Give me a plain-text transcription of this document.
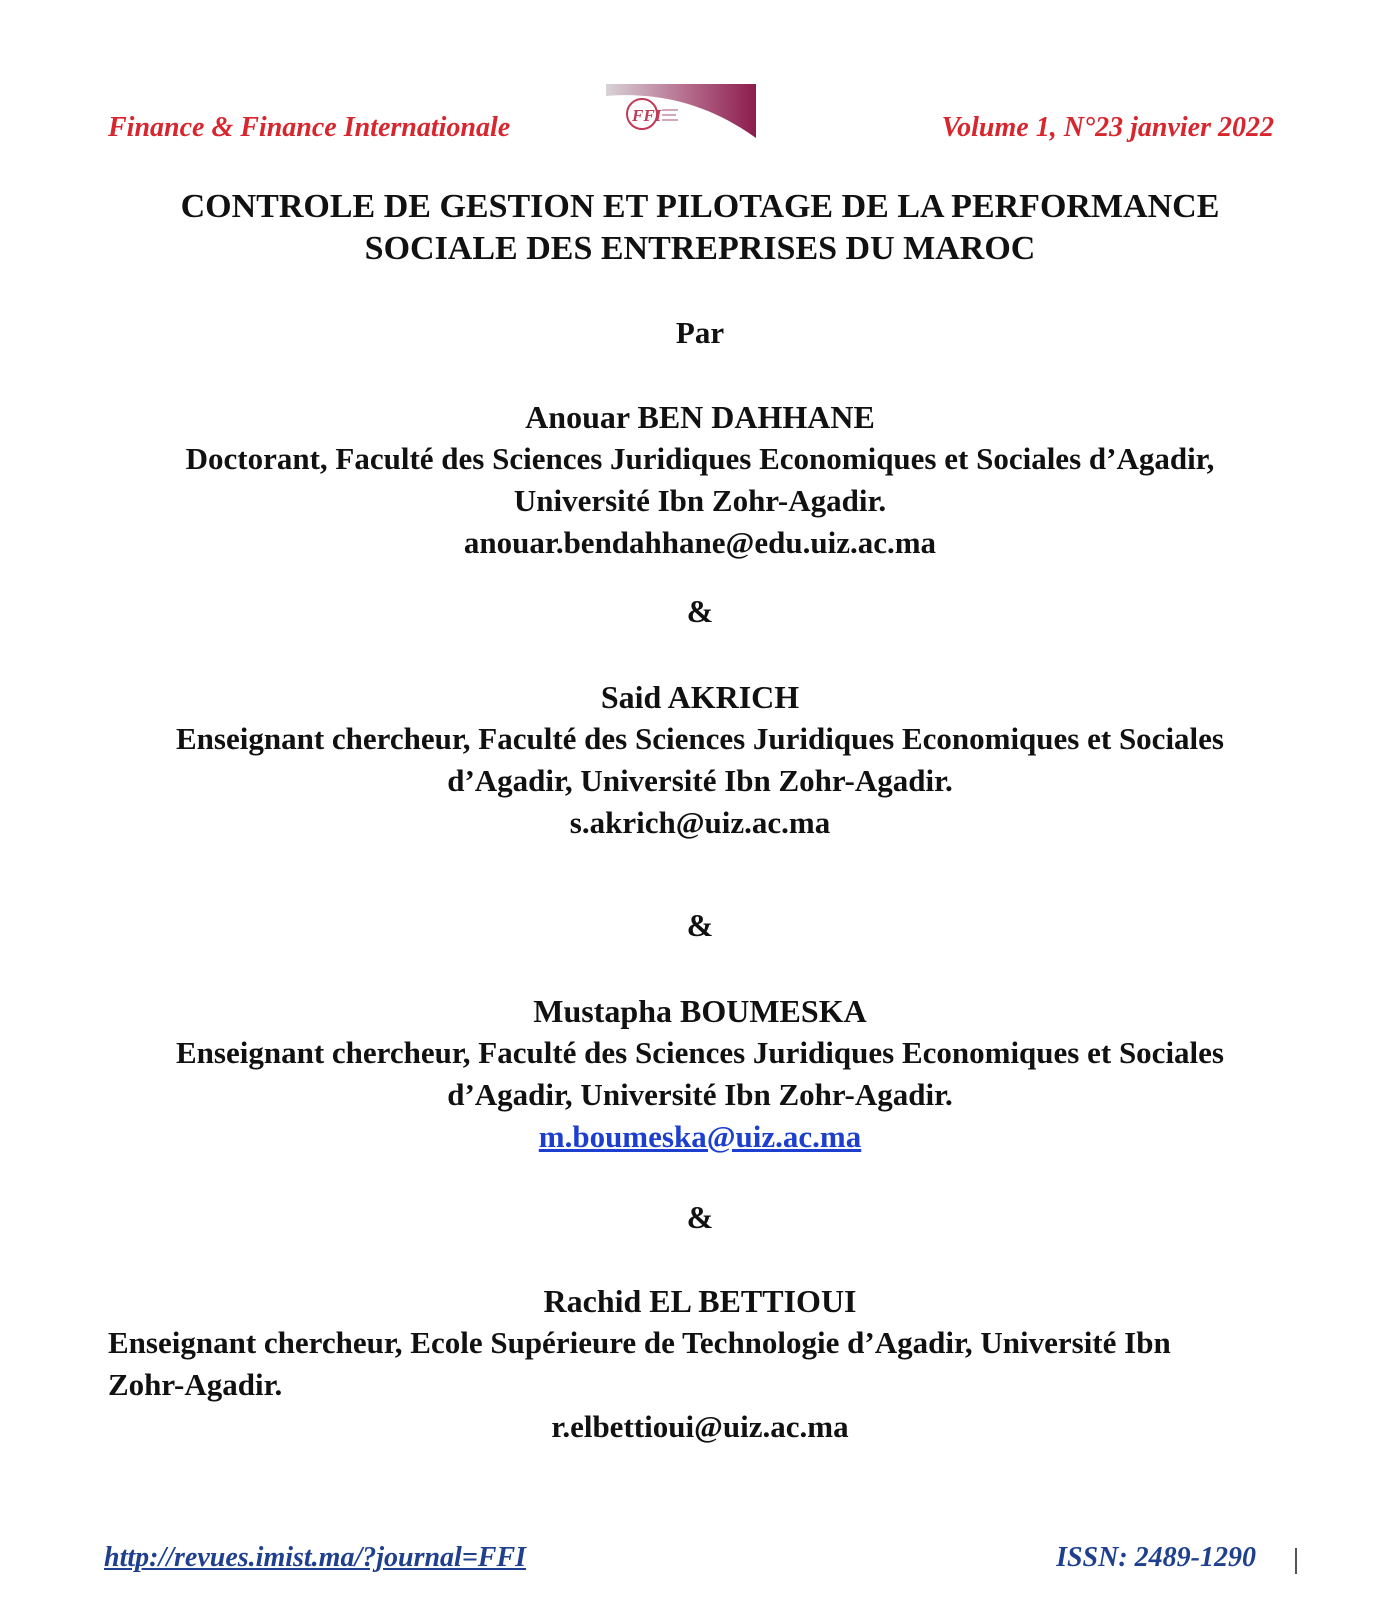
Finance & Finance Internationale	FFI	Volume 1, N°23 janvier 2022
CONTROLE DE GESTION ET PILOTAGE DE LA PERFORMANCE
SOCIALE DES ENTREPRISES DU MAROC
Par
Anouar BEN DAHHANE
Doctorant, Faculté des Sciences Juridiques Economiques et Sociales d’Agadir,
Université Ibn Zohr-Agadir.
anouar.bendahhane@edu.uiz.ac.ma
&
Said AKRICH
Enseignant chercheur, Faculté des Sciences Juridiques Economiques et Sociales
d’Agadir, Université Ibn Zohr-Agadir.
s.akrich@uiz.ac.ma
&
Mustapha BOUMESKA
Enseignant chercheur, Faculté des Sciences Juridiques Economiques et Sociales
d’Agadir, Université Ibn Zohr-Agadir.
m.boumeska@uiz.ac.ma
&
Rachid EL BETTIOUI
Enseignant chercheur, Ecole Supérieure de Technologie d’Agadir, Université Ibn
Zohr-Agadir.
r.elbettioui@uiz.ac.ma
http://revues.imist.ma/?journal=FFI	ISSN: 2489-1290
